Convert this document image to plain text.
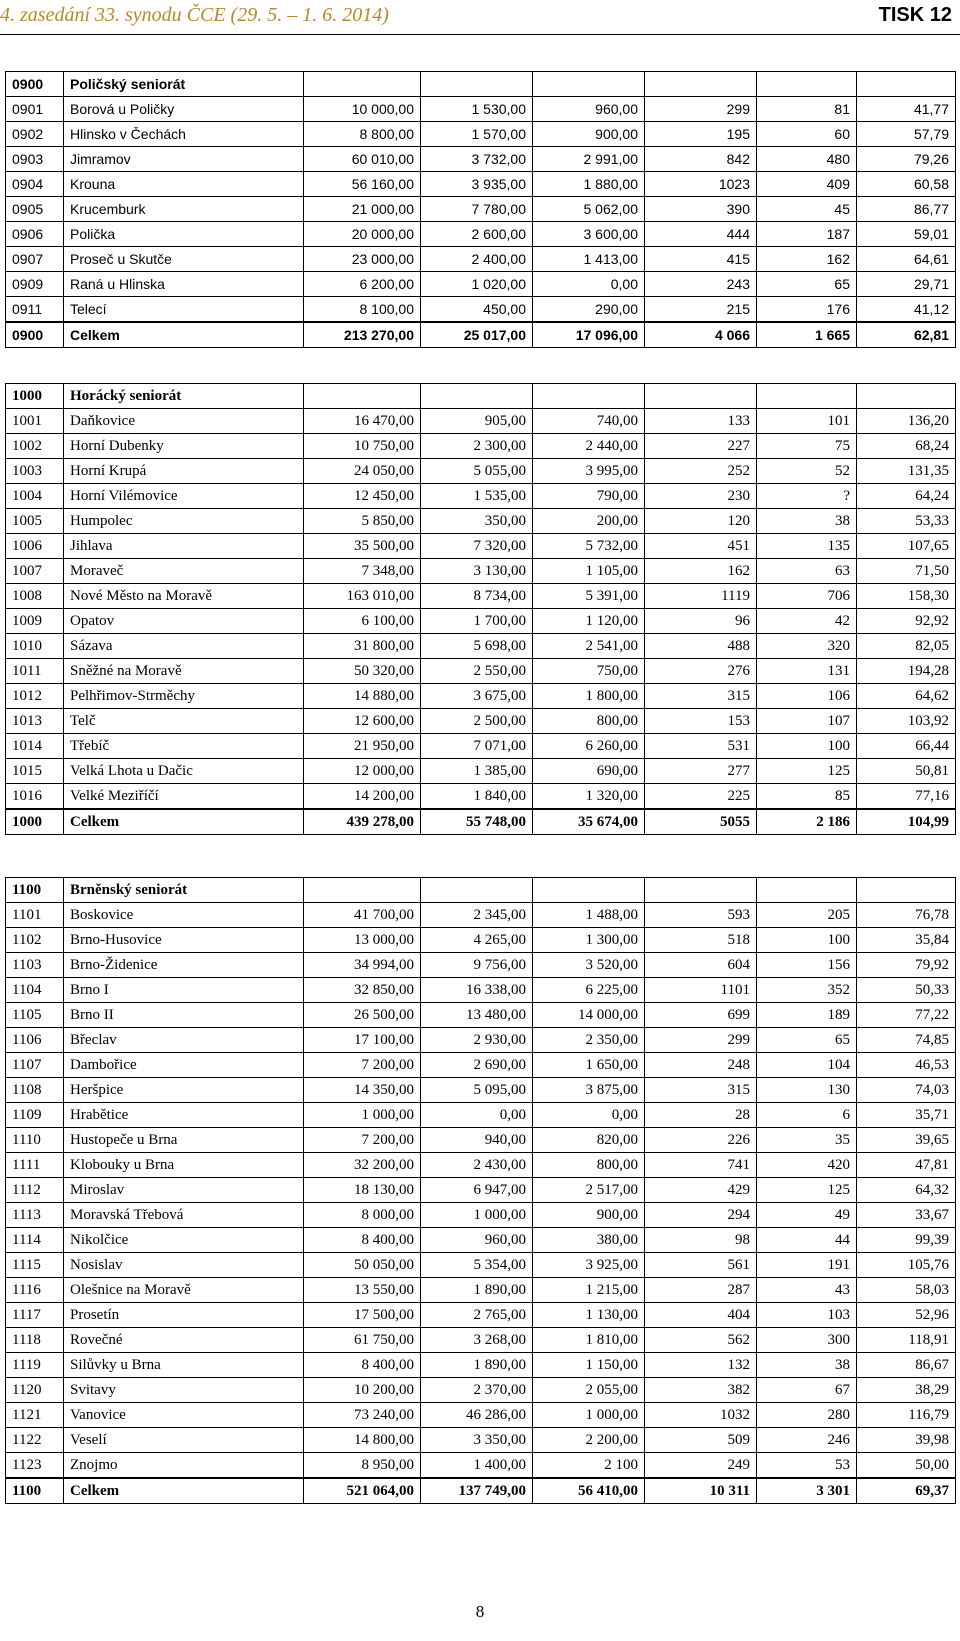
4. zasedání 33. synodu ČCE (29. 5. – 1. 6. 2014)	TISK 12
0900	Poličský seniorát						
0901	Borová u Poličky	10 000,00	1 530,00	960,00	299	81	41,77
0902	Hlinsko v Čechách	8 800,00	1 570,00	900,00	195	60	57,79
0903	Jimramov	60 010,00	3 732,00	2 991,00	842	480	79,26
0904	Krouna	56 160,00	3 935,00	1 880,00	1023	409	60,58
0905	Krucemburk	21 000,00	7 780,00	5 062,00	390	45	86,77
0906	Polička	20 000,00	2 600,00	3 600,00	444	187	59,01
0907	Proseč u Skutče	23 000,00	2 400,00	1 413,00	415	162	64,61
0909	Raná u Hlinska	6 200,00	1 020,00	0,00	243	65	29,71
0911	Telecí	8 100,00	450,00	290,00	215	176	41,12
0900	Celkem	213 270,00	25 017,00	17 096,00	4 066	1 665	62,81
1000	Horácký seniorát						
1001	Daňkovice	16 470,00	905,00	740,00	133	101	136,20
1002	Horní Dubenky	10 750,00	2 300,00	2 440,00	227	75	68,24
1003	Horní Krupá	24 050,00	5 055,00	3 995,00	252	52	131,35
1004	Horní Vilémovice	12 450,00	1 535,00	790,00	230	?	64,24
1005	Humpolec	5 850,00	350,00	200,00	120	38	53,33
1006	Jihlava	35 500,00	7 320,00	5 732,00	451	135	107,65
1007	Moraveč	7 348,00	3 130,00	1 105,00	162	63	71,50
1008	Nové Město na Moravě	163 010,00	8 734,00	5 391,00	1119	706	158,30
1009	Opatov	6 100,00	1 700,00	1 120,00	96	42	92,92
1010	Sázava	31 800,00	5 698,00	2 541,00	488	320	82,05
1011	Sněžné na Moravě	50 320,00	2 550,00	750,00	276	131	194,28
1012	Pelhřimov-Strměchy	14 880,00	3 675,00	1 800,00	315	106	64,62
1013	Telč	12 600,00	2 500,00	800,00	153	107	103,92
1014	Třebíč	21 950,00	7 071,00	6 260,00	531	100	66,44
1015	Velká Lhota u Dačic	12 000,00	1 385,00	690,00	277	125	50,81
1016	Velké Meziříčí	14 200,00	1 840,00	1 320,00	225	85	77,16
1000	Celkem	439 278,00	55 748,00	35 674,00	5055	2 186	104,99
1100	Brněnský seniorát						
1101	Boskovice	41 700,00	2 345,00	1 488,00	593	205	76,78
1102	Brno-Husovice	13 000,00	4 265,00	1 300,00	518	100	35,84
1103	Brno-Židenice	34 994,00	9 756,00	3 520,00	604	156	79,92
1104	Brno I	32 850,00	16 338,00	6 225,00	1101	352	50,33
1105	Brno II	26 500,00	13 480,00	14 000,00	699	189	77,22
1106	Břeclav	17 100,00	2 930,00	2 350,00	299	65	74,85
1107	Dambořice	7 200,00	2 690,00	1 650,00	248	104	46,53
1108	Heršpice	14 350,00	5 095,00	3 875,00	315	130	74,03
1109	Hrabětice	1 000,00	0,00	0,00	28	6	35,71
1110	Hustopeče u Brna	7 200,00	940,00	820,00	226	35	39,65
1111	Klobouky u Brna	32 200,00	2 430,00	800,00	741	420	47,81
1112	Miroslav	18 130,00	6 947,00	2 517,00	429	125	64,32
1113	Moravská Třebová	8 000,00	1 000,00	900,00	294	49	33,67
1114	Nikolčice	8 400,00	960,00	380,00	98	44	99,39
1115	Nosislav	50 050,00	5 354,00	3 925,00	561	191	105,76
1116	Olešnice na Moravě	13 550,00	1 890,00	1 215,00	287	43	58,03
1117	Prosetín	17 500,00	2 765,00	1 130,00	404	103	52,96
1118	Rovečné	61 750,00	3 268,00	1 810,00	562	300	118,91
1119	Silůvky u Brna	8 400,00	1 890,00	1 150,00	132	38	86,67
1120	Svitavy	10 200,00	2 370,00	2 055,00	382	67	38,29
1121	Vanovice	73 240,00	46 286,00	1 000,00	1032	280	116,79
1122	Veselí	14 800,00	3 350,00	2 200,00	509	246	39,98
1123	Znojmo	8 950,00	1 400,00	2 100	249	53	50,00
1100	Celkem	521 064,00	137 749,00	56 410,00	10 311	3 301	69,37
8
